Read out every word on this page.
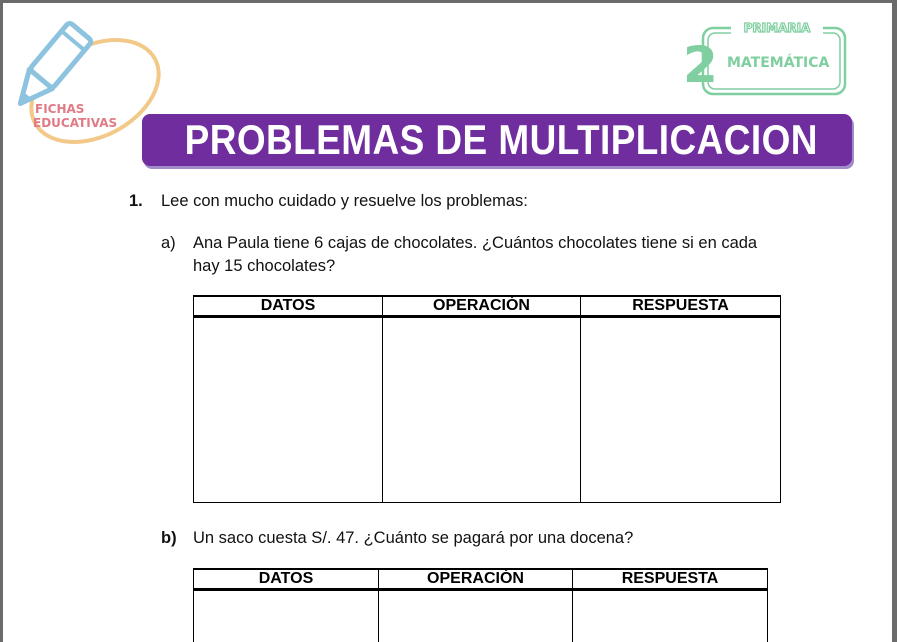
FICHAS
EDUCATIVAS
PRIMARIA
2 MATEMÁTICA
PROBLEMAS DE MULTIPLICACION
1. Lee con mucho cuidado y resuelve los problemas:
a) Ana Paula tiene 6 cajas de chocolates. ¿Cuántos chocolates tiene si en cada
hay 15 chocolates?
DATOS	OPERACIÓN	RESPUESTA

b) Un saco cuesta S/. 47. ¿Cuánto se pagará por una docena?
DATOS	OPERACIÓN	RESPUESTA
